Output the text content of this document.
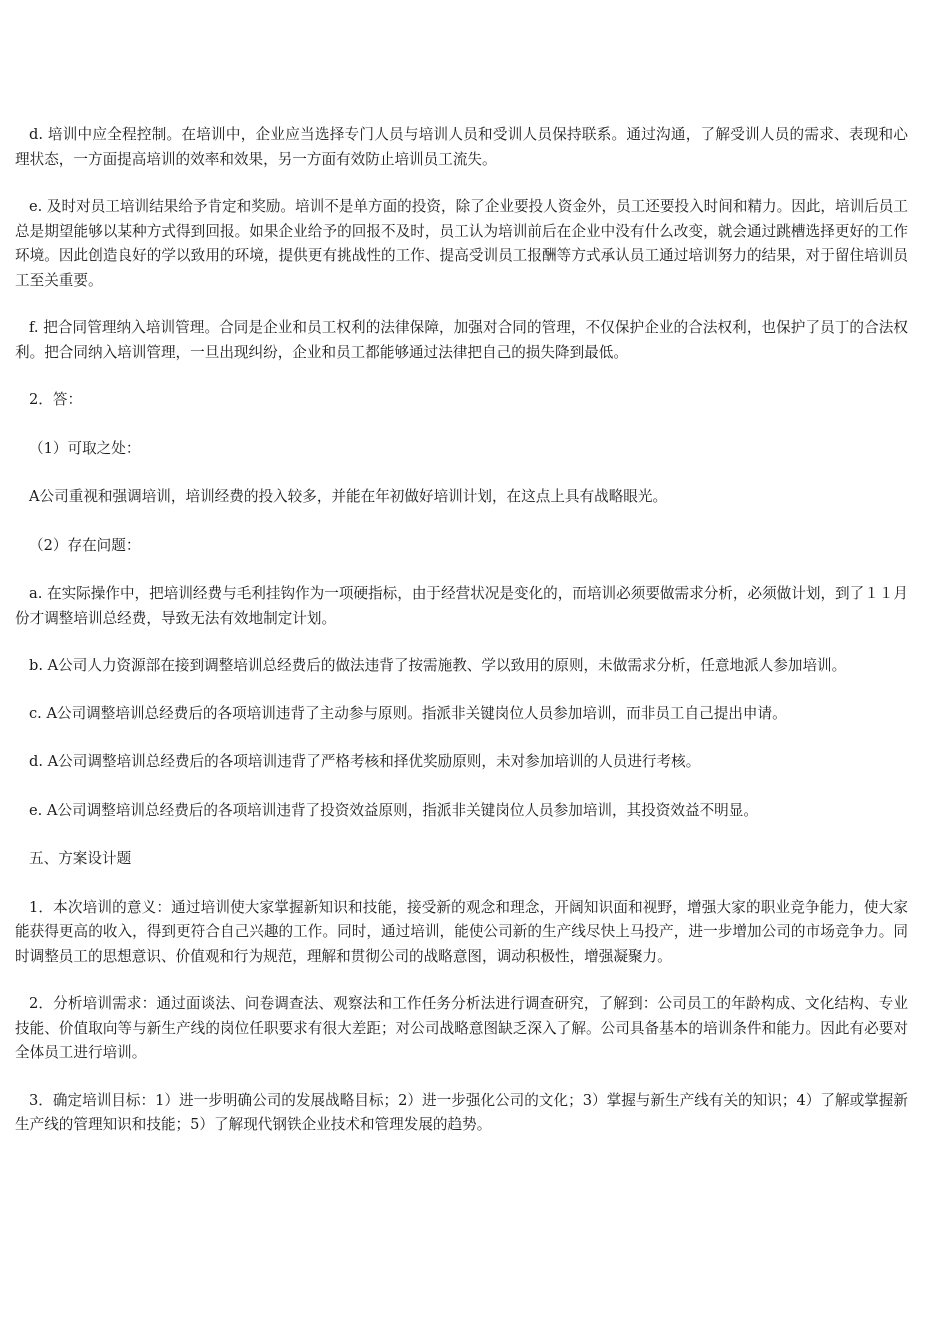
d. 培训中应全程控制。在培训中，企业应当选择专门人员与培训人员和受训人员保持联系。通过沟通，了解受训人员的需求、表现和心理状态，一方面提高培训的效率和效果，另一方面有效防止培训员工流失。

e. 及时对员工培训结果给予肯定和奖励。培训不是单方面的投资，除了企业要投人资金外，员工还要投入时间和精力。因此，培训后员工总是期望能够以某种方式得到回报。如果企业给予的回报不及时，员工认为培训前后在企业中没有什么改变，就会通过跳槽选择更好的工作环境。因此创造良好的学以致用的环境，提供更有挑战性的工作、提高受训员工报酬等方式承认员工通过培训努力的结果，对于留住培训员工至关重要。

f. 把合同管理纳入培训管理。合同是企业和员工权利的法律保障，加强对合同的管理，不仅保护企业的合法权利，也保护了员丁的合法权利。把合同纳入培训管理，一旦出现纠纷，企业和员工都能够通过法律把自己的损失降到最低。

2．答：

（1）可取之处：

A公司重视和强调培训，培训经费的投入较多，并能在年初做好培训计划，在这点上具有战略眼光。

（2）存在问题：

a. 在实际操作中，把培训经费与毛利挂钩作为一项硬指标，由于经营状况是变化的，而培训必须要做需求分析，必须做计划，到了１１月份才调整培训总经费，导致无法有效地制定计划。

b. A公司人力资源部在接到调整培训总经费后的做法违背了按需施教、学以致用的原则，未做需求分析，任意地派人参加培训。

c. A公司调整培训总经费后的各项培训违背了主动参与原则。指派非关键岗位人员参加培训，而非员工自己提出申请。

d. A公司调整培训总经费后的各项培训违背了严格考核和择优奖励原则，未对参加培训的人员进行考核。

e. A公司调整培训总经费后的各项培训违背了投资效益原则，指派非关键岗位人员参加培训，其投资效益不明显。

五、方案设计题

1．本次培训的意义：通过培训使大家掌握新知识和技能，接受新的观念和理念，开阔知识面和视野，增强大家的职业竞争能力，使大家能获得更高的收入，得到更符合自己兴趣的工作。同时，通过培训，能使公司新的生产线尽快上马投产，进一步增加公司的市场竞争力。同时调整员工的思想意识、价值观和行为规范，理解和贯彻公司的战略意图，调动积极性，增强凝聚力。

2．分析培训需求：通过面谈法、问卷调查法、观察法和工作任务分析法进行调查研究，了解到：公司员工的年龄构成、文化结构、专业技能、价值取向等与新生产线的岗位任职要求有很大差距；对公司战略意图缺乏深入了解。公司具备基本的培训条件和能力。因此有必要对全体员工进行培训。

3．确定培训目标：1）进一步明确公司的发展战略目标；2）进一步强化公司的文化；3）掌握与新生产线有关的知识；4）了解或掌握新生产线的管理知识和技能；5）了解现代钢铁企业技术和管理发展的趋势。
